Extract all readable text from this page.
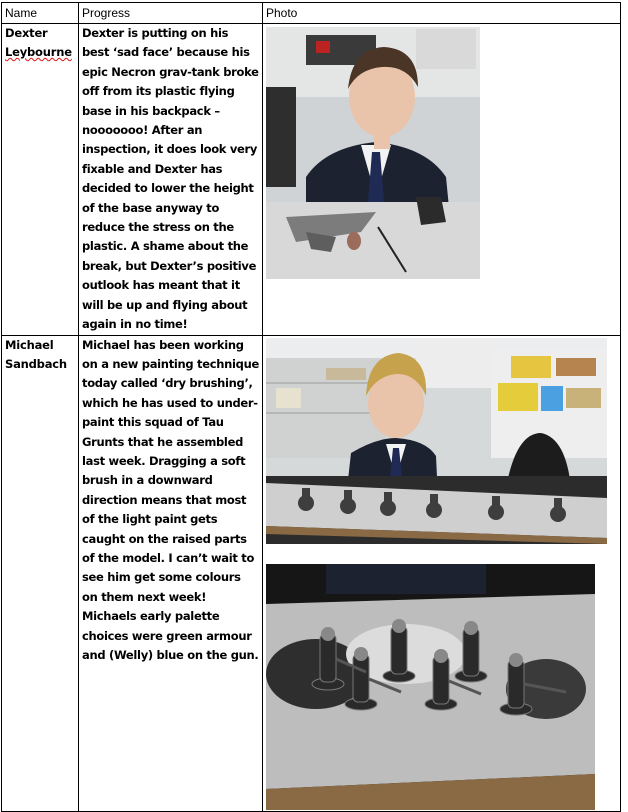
Name	Progress	Photo

Dexter
Leybourne	Dexter is putting on his best ‘sad face’ because his epic Necron grav-tank broke off from its plastic flying base in his backpack – nooooooo! After an inspection, it does look very fixable and Dexter has decided to lower the height of the base anyway to reduce the stress on the plastic. A shame about the break, but Dexter’s positive outlook has meant that it will be up and flying about again in no time!	

Michael
Sandbach	Michael has been working on a new painting technique today called ‘dry brushing’, which he has used to under-paint this squad of Tau Grunts that he assembled last week. Dragging a soft brush in a downward direction means that most of the light paint gets caught on the raised parts of the model. I can’t wait to see him get some colours on them next week! Michaels early palette choices were green armour and (Welly) blue on the gun.	
